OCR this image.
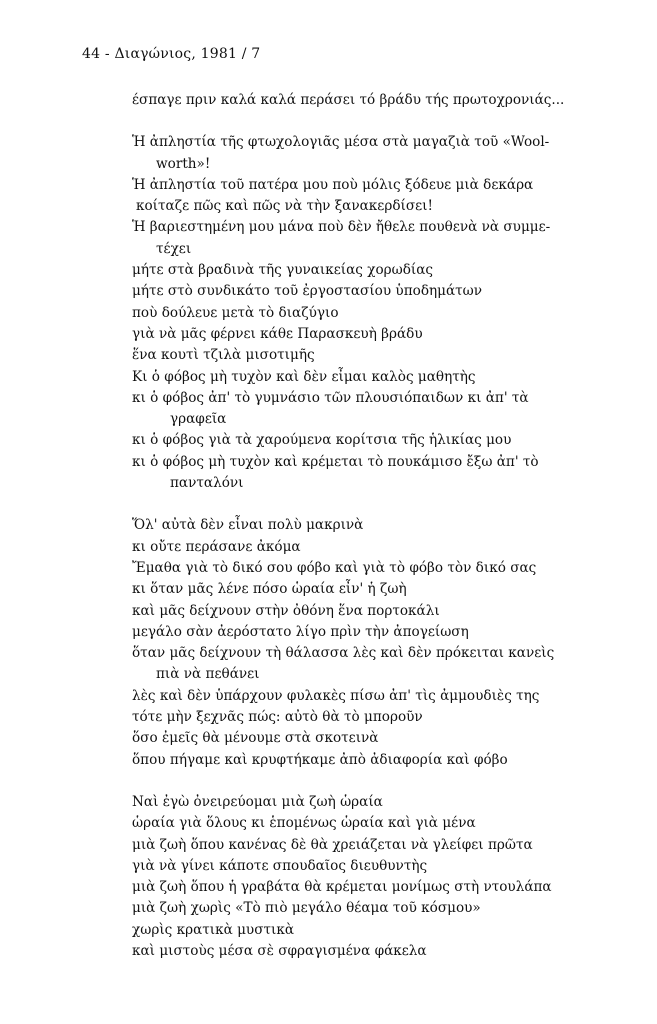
44 - Διαγώνιος, 1981 / 7
έσπαγε πριν καλά καλά περάσει τό βράδυ τής πρωτοχρονιάς...
Ἡ ἀπληστία τῆς φτωχολογιᾶς μέσα στὰ μαγαζιὰ τοῦ «Wool-
worth»!
Ἡ ἀπληστία τοῦ πατέρα μου ποὺ μόλις ξόδευε μιὰ δεκάρα
κοίταζε πῶς καὶ πῶς νὰ τὴν ξανακερδίσει!
Ἡ βαριεστημένη μου μάνα ποὺ δὲν ἤθελε πουθενὰ νὰ συμμε-
τέχει
μήτε στὰ βραδινὰ τῆς γυναικείας χορωδίας
μήτε στὸ συνδικάτο τοῦ ἐργοστασίου ὑποδημάτων
ποὺ δούλευε μετὰ τὸ διαζύγιο
γιὰ νὰ μᾶς φέρνει κάθε Παρασκευὴ βράδυ
ἕνα κουτὶ τζιλὰ μισοτιμῆς
Κι ὁ φόβος μὴ τυχὸν καὶ δὲν εἶμαι καλὸς μαθητὴς
κι ὁ φόβος ἀπ' τὸ γυμνάσιο τῶν πλουσιόπαιδων κι ἀπ' τὰ
γραφεῖα
κι ὁ φόβος γιὰ τὰ χαρούμενα κορίτσια τῆς ἡλικίας μου
κι ὁ φόβος μὴ τυχὸν καὶ κρέμεται τὸ πουκάμισο ἔξω ἀπ' τὸ
πανταλόνι
Ὅλ' αὐτὰ δὲν εἶναι πολὺ μακρινὰ
κι οὔτε περάσανε ἀκόμα
Ἔμαθα γιὰ τὸ δικό σου φόβο καὶ γιὰ τὸ φόβο τὸν δικό σας
κι ὅταν μᾶς λένε πόσο ὡραία εἶν' ἡ ζωὴ
καὶ μᾶς δείχνουν στὴν ὀθόνη ἕνα πορτοκάλι
μεγάλο σὰν ἀερόστατο λίγο πρὶν τὴν ἀπογείωση
ὅταν μᾶς δείχνουν τὴ θάλασσα λὲς καὶ δὲν πρόκειται κανεὶς
πιὰ νὰ πεθάνει
λὲς καὶ δὲν ὑπάρχουν φυλακὲς πίσω ἀπ' τὶς ἀμμουδιὲς της
τότε μὴν ξεχνᾶς πώς: αὐτὸ θὰ τὸ μποροῦν
ὅσο ἐμεῖς θὰ μένουμε στὰ σκοτεινὰ
ὅπου πήγαμε καὶ κρυφτήκαμε ἀπὸ ἀδιαφορία καὶ φόβο
Ναὶ ἐγὼ ὀνειρεύομαι μιὰ ζωὴ ὡραία
ὡραία γιὰ ὅλους κι ἑπομένως ὡραία καὶ γιὰ μένα
μιὰ ζωὴ ὅπου κανένας δὲ θὰ χρειάζεται νὰ γλείφει πρῶτα
γιὰ νὰ γίνει κάποτε σπουδαῖος διευθυντὴς
μιὰ ζωὴ ὅπου ἡ γραβάτα θὰ κρέμεται μονίμως στὴ ντουλάπα
μιὰ ζωὴ χωρὶς «Τὸ πιὸ μεγάλο θέαμα τοῦ κόσμου»
χωρὶς κρατικὰ μυστικὰ
καὶ μιστοὺς μέσα σὲ σφραγισμένα φάκελα
